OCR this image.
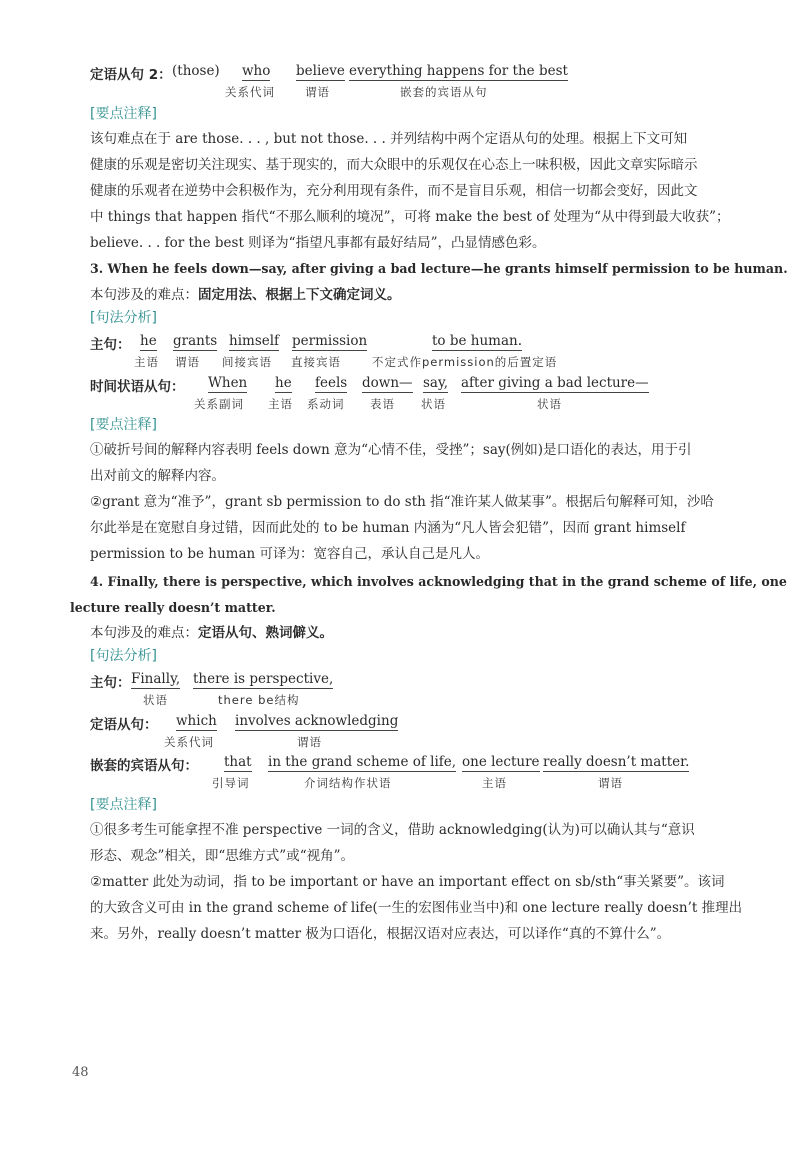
定语从句 2： (those) who
关系代词
believe
谓语
everything happens for the best
嵌套的宾语从句
[要点注释]
该句难点在于 are those. . . , but not those. . . 并列结构中两个定语从句的处理。根据上下文可知
健康的乐观是密切关注现实、基于现实的，而大众眼中的乐观仅在心态上一味积极，因此文章实际暗示
健康的乐观者在逆势中会积极作为，充分利用现有条件，而不是盲目乐观，相信一切都会变好，因此文
中 things that happen 指代“不那么顺利的境况”，可将 make the best of 处理为“从中得到最大收获”；
believe. . . for the best 则译为“指望凡事都有最好结局”，凸显情感色彩。
3. When he feels down—say, after giving a bad lecture—he grants himself permission to be human.
本句涉及的难点：固定用法、根据上下文确定词义。
[句法分析]
主句： he
主语
grants
谓语
himself
间接宾语
permission
直接宾语
to be human.
不定式作permission的后置定语
时间状语从句： When
关系副词
he
主语
feels
系动词
down—
表语
say,
状语
after giving a bad lecture—
状语
[要点注释]
①破折号间的解释内容表明 feels down 意为“心情不佳，受挫”；say(例如)是口语化的表达，用于引
出对前文的解释内容。
②grant 意为“准予”，grant sb permission to do sth 指“准许某人做某事”。根据后句解释可知，沙哈
尔此举是在宽慰自身过错，因而此处的 to be human 内涵为“凡人皆会犯错”，因而 grant himself
permission to be human 可译为：宽容自己，承认自己是凡人。
4. Finally, there is perspective, which involves acknowledging that in the grand scheme of life, one
lecture really doesn’t matter.
本句涉及的难点：定语从句、熟词僻义。
[句法分析]
主句： Finally,
状语
there is perspective,
there be结构
定语从句： which
关系代词
involves acknowledging
谓语
嵌套的宾语从句： that
引导词
in the grand scheme of life,
介词结构作状语
one lecture
主语
really doesn’t matter.
谓语
[要点注释]
①很多考生可能拿捏不准 perspective 一词的含义，借助 acknowledging(认为)可以确认其与“意识
形态、观念”相关，即“思维方式”或“视角”。
②matter 此处为动词，指 to be important or have an important effect on sb/sth“事关紧要”。该词
的大致含义可由 in the grand scheme of life(一生的宏图伟业当中)和 one lecture really doesn’t 推理出
来。另外，really doesn’t matter 极为口语化，根据汉语对应表达，可以译作“真的不算什么”。
48
